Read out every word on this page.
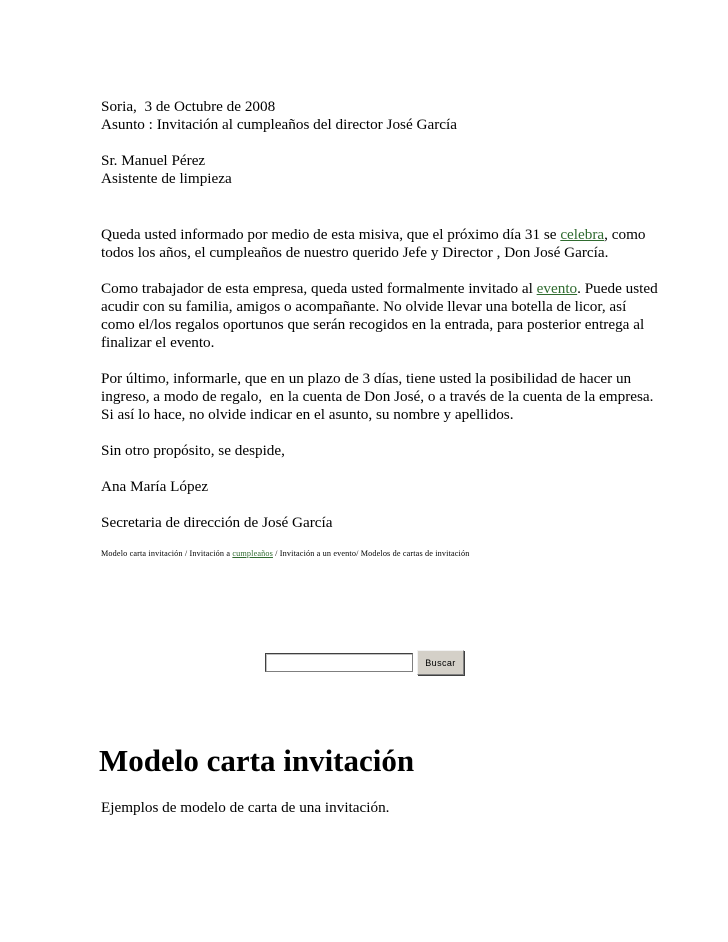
Soria,  3 de Octubre de 2008

Asunto : Invitación al cumpleaños del director José García

Sr. Manuel Pérez

Asistente de limpieza

Queda usted informado por medio de esta misiva, que el próximo día 31 se celebra, como todos los años, el cumpleaños de nuestro querido Jefe y Director , Don José García.

Como trabajador de esta empresa, queda usted formalmente invitado al evento. Puede usted acudir con su familia, amigos o acompañante. No olvide llevar una botella de licor, así como el/los regalos oportunos que serán recogidos en la entrada, para posterior entrega al finalizar el evento.

Por último, informarle, que en un plazo de 3 días, tiene usted la posibilidad de hacer un ingreso, a modo de regalo,  en la cuenta de Don José, o a través de la cuenta de la empresa. Si así lo hace, no olvide indicar en el asunto, su nombre y apellidos.

Sin otro propósito, se despide,

Ana María López

Secretaria de dirección de José García

Modelo carta invitación / Invitación a cumpleaños / Invitación a un evento/ Modelos de cartas de invitación

Buscar
Modelo carta invitación

Ejemplos de modelo de carta de una invitación.
